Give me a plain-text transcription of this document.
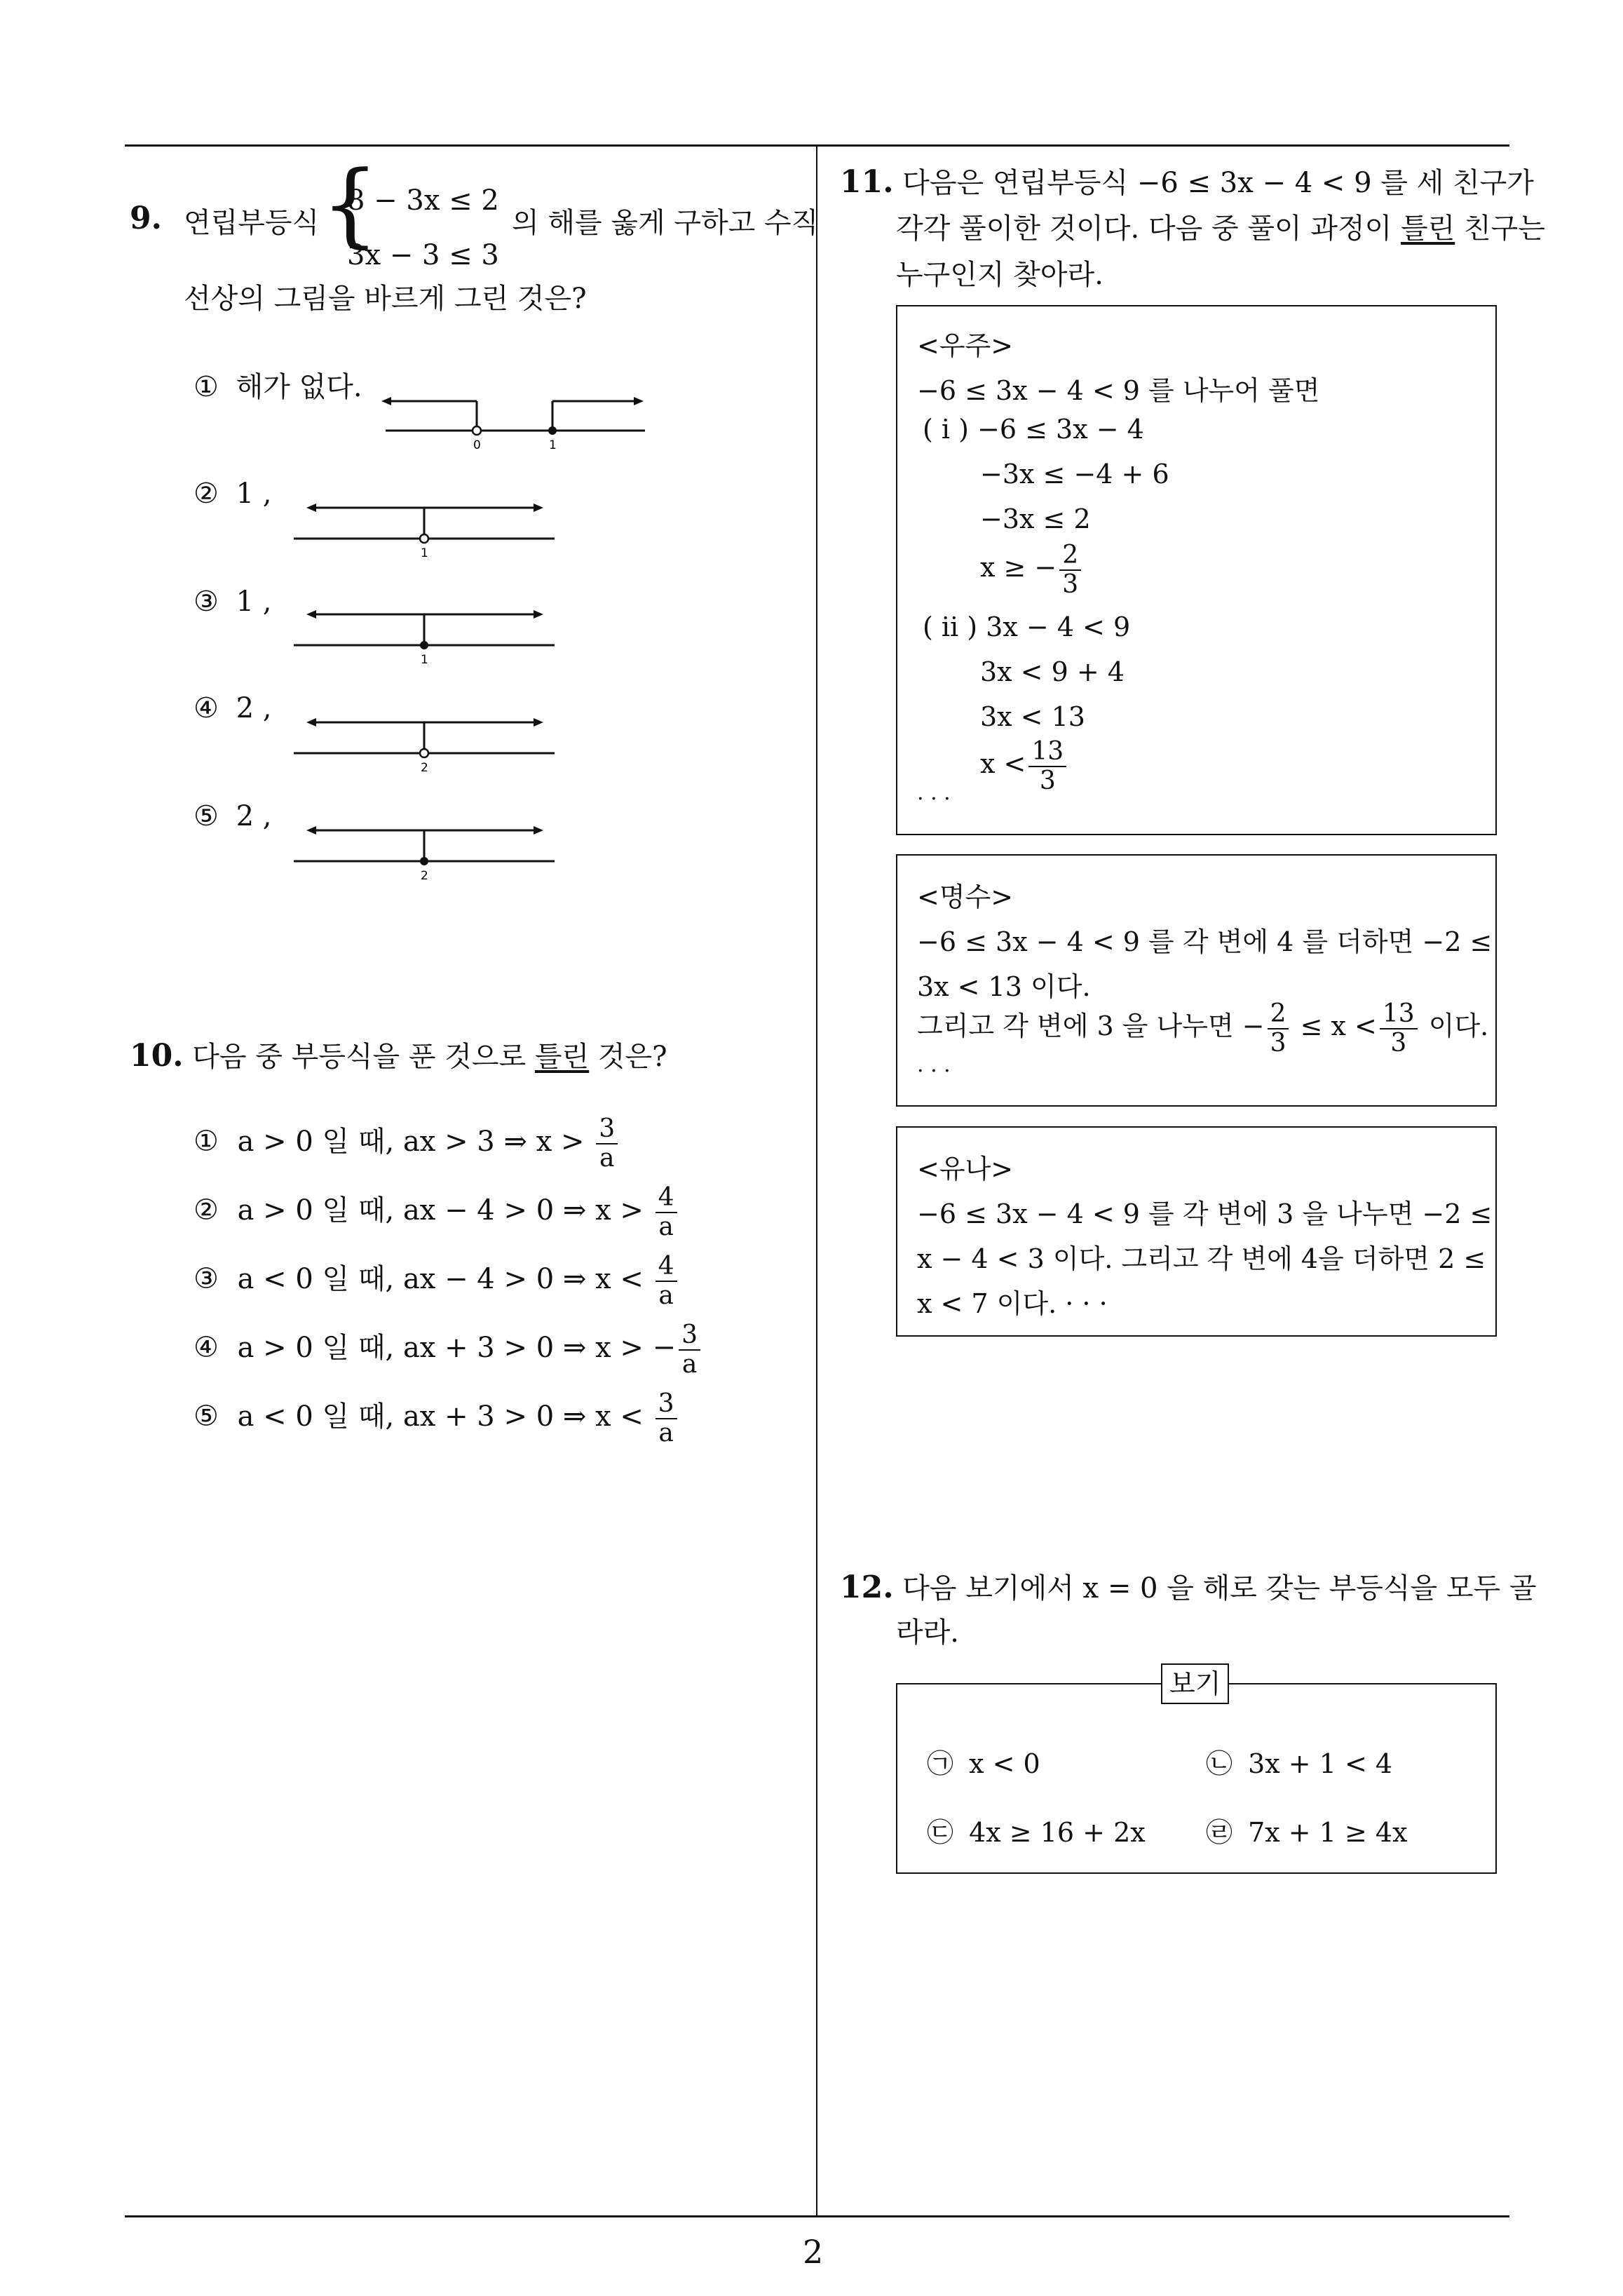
2
9. 연립부등식 {
8 − 3x ≤ 2
3x − 3 ≤ 3
의 해를 옳게 구하고 수직
선상의 그림을 바르게 그린 것은?
① 해가 없다.
0	1
② 1 ,
1
③ 1 ,
1
④ 2 ,
2
⑤ 2 ,
2
10. 다음 중 부등식을 푼 것으로 틀린 것은?
① a > 0 일 때, ax > 3 ⇒ $x > \frac{3}{a}$
② a > 0 일 때, ax − 4 > 0 ⇒ $x > \frac{4}{a}$
③ a < 0 일 때, ax − 4 > 0 ⇒ $x < \frac{4}{a}$
④ a > 0 일 때, ax + 3 > 0 ⇒ x > − $\frac{3}{a}$
⑤ a < 0 일 때, ax + 3 > 0 ⇒ $x < \frac{3}{a}$
11. 다음은 연립부등식 −6 ≤ 3x − 4 < 9 를 세 친구가
각각 풀이한 것이다. 다음 중 풀이 과정이 틀린 친구는
누구인지 찾아라.
<우주>
−6 ≤ 3x − 4 < 9 를 나누어 풀면
( i ) −6 ≤ 3x − 4
−3x ≤ −4 + 6
−3x ≤ 2
x ≥ − $\frac{2}{3}$
( ii ) 3x − 4 < 9
3x < 9 + 4
3x < 13
$x < \frac{13}{3}$
· · ·
<명수>
−6 ≤ 3x − 4 < 9 를 각 변에 4 를 더하면 −2 ≤
3x < 13 이다.
그리고 각 변에 3 을 나누면 − $\frac{2}{3} \le x < \frac{13}{3}$ 이다.
· · ·
<유나>
−6 ≤ 3x − 4 < 9 를 각 변에 3 을 나누면 −2 ≤
x − 4 < 3 이다. 그리고 각 변에 4을 더하면 2 ≤
x < 7 이다. · · ·
12. 다음 보기에서 x = 0 을 해로 갖는 부등식을 모두 골
라라.
보기
㉠ x < 0	㉡ 3x + 1 < 4
㉢ 4x ≥ 16 + 2x ㉣ 7x + 1 ≥ 4x
